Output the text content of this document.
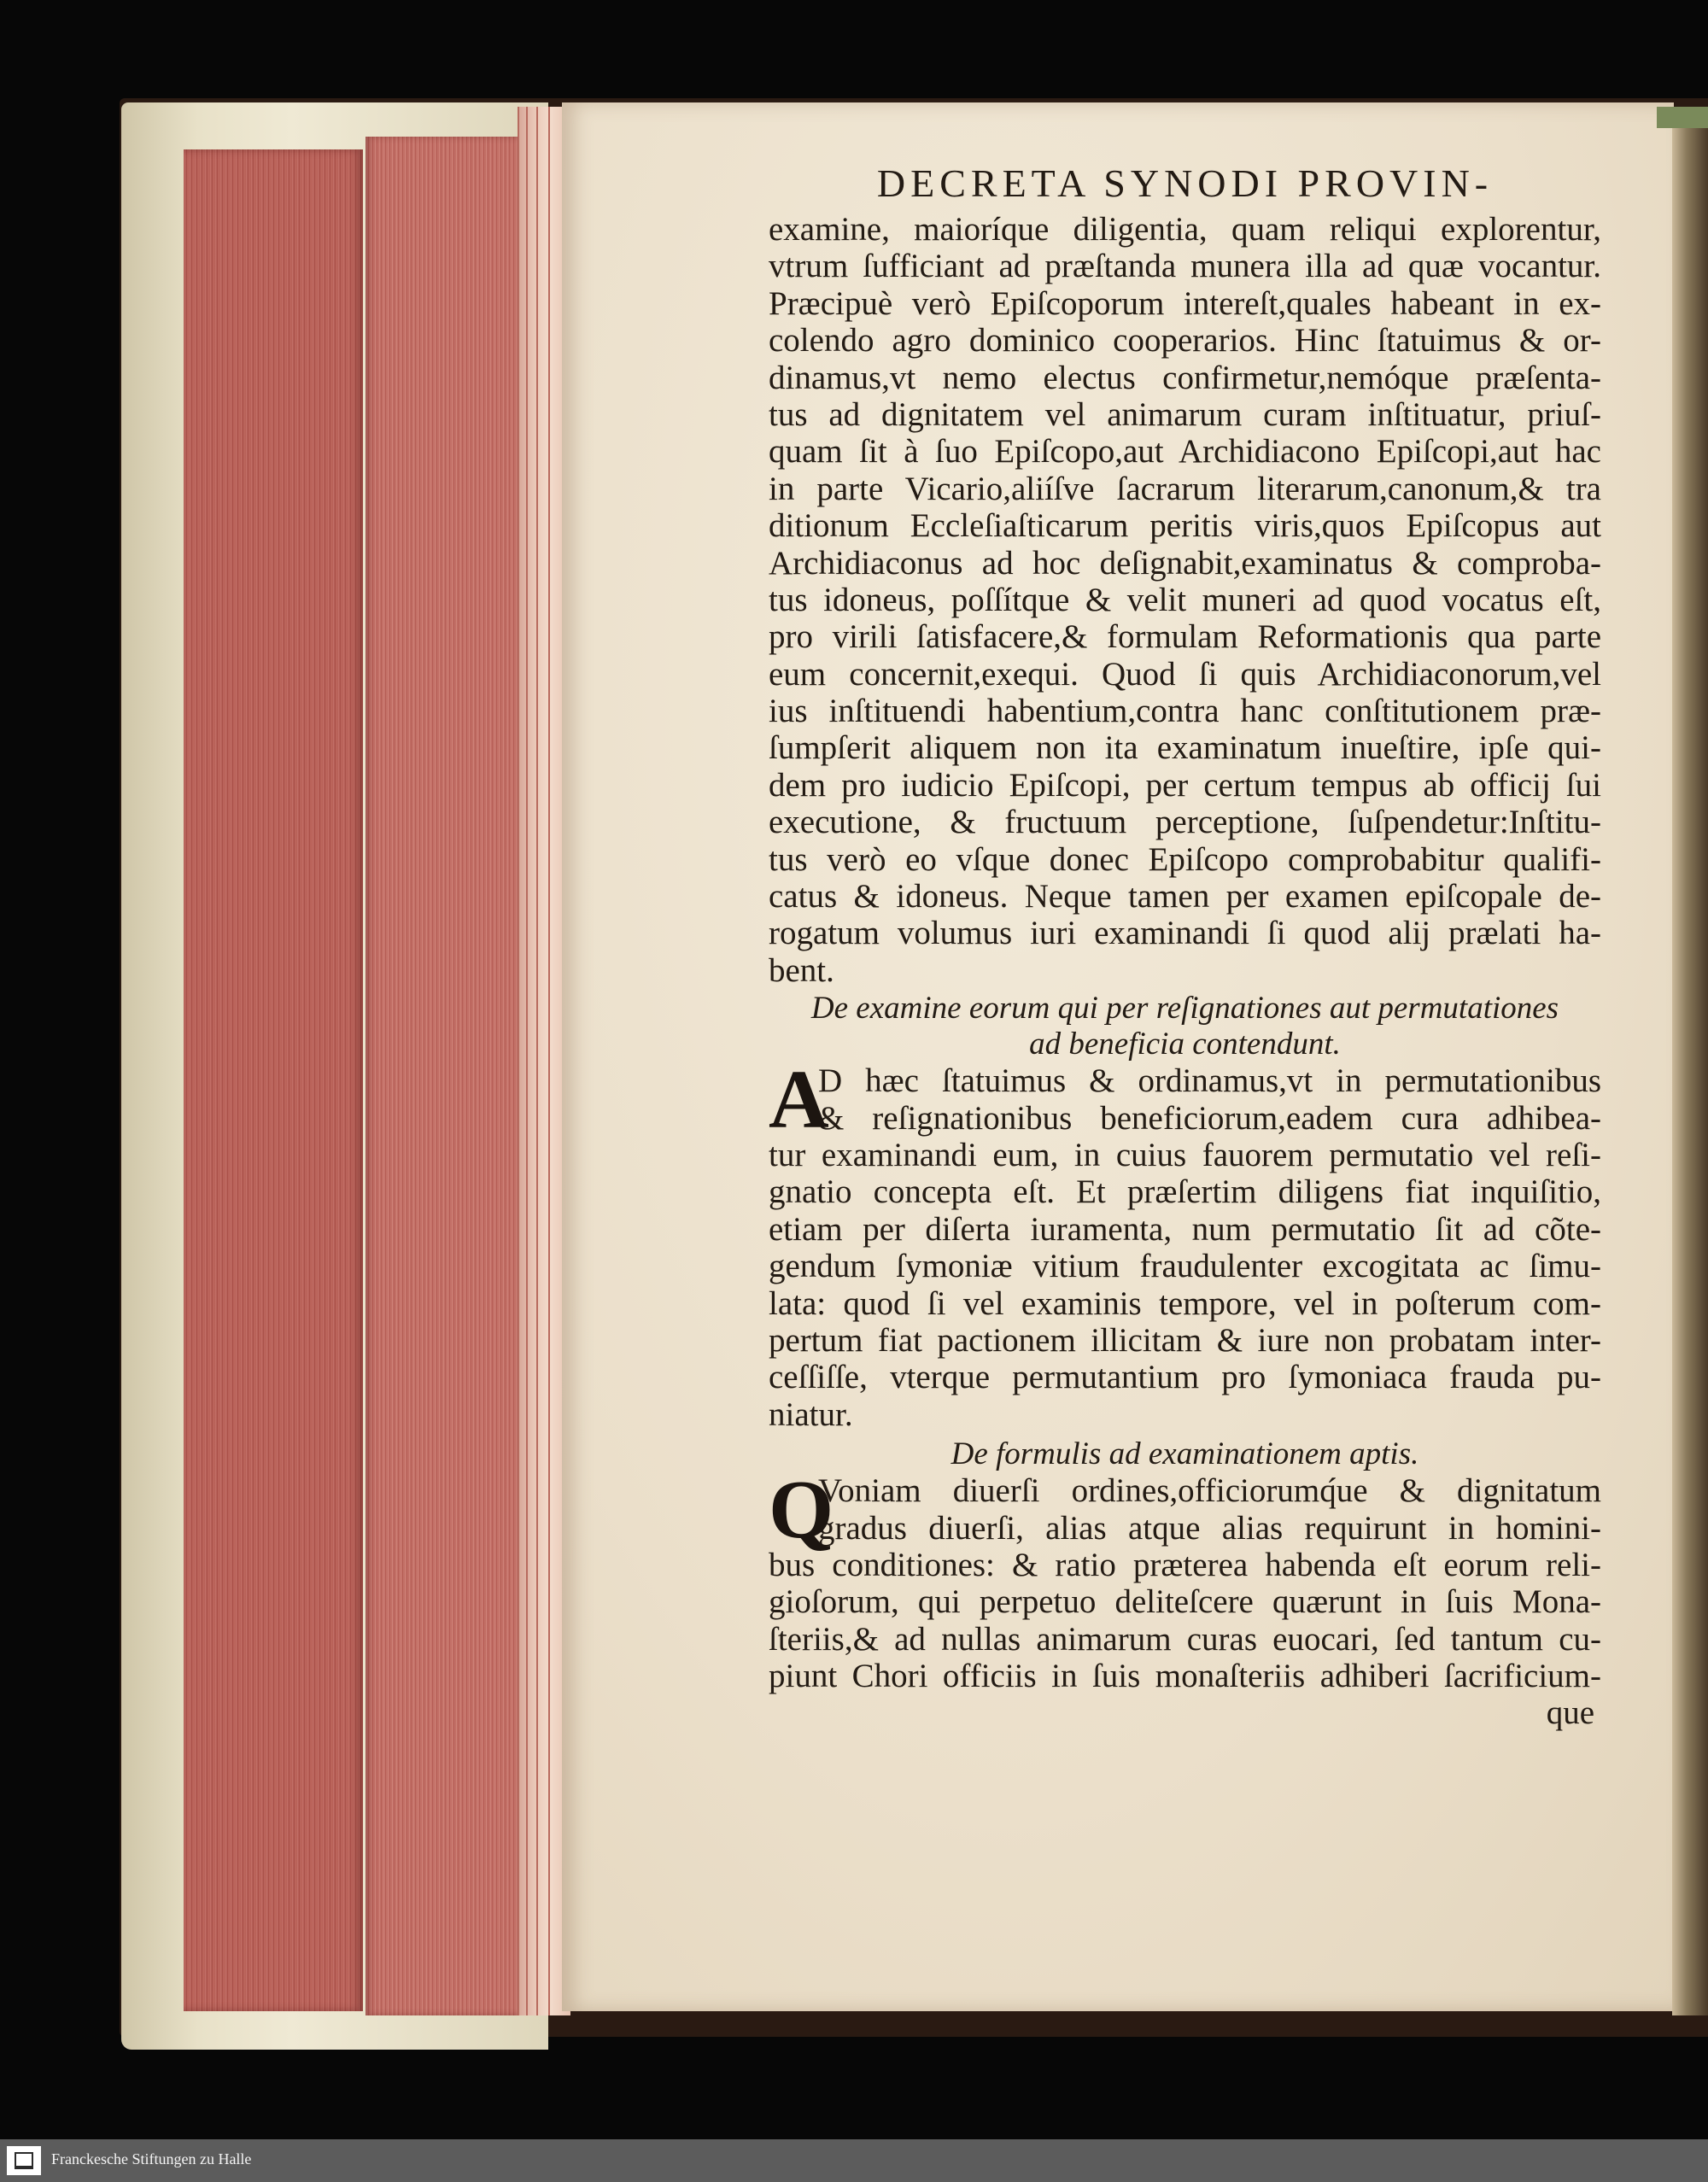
DECRETA SYNODI PROVIN-
examine, maioríque diligentia, quam reliqui explorentur,
vtrum ſufficiant ad præſtanda munera illa ad quæ vocantur.
Præcipuè verò Epiſcoporum intereſt,quales habeant in ex-
colendo agro dominico cooperarios. Hinc ſtatuimus & or-
dinamus,vt nemo electus confirmetur,nemóque præſenta-
tus ad dignitatem vel animarum curam inſtituatur, priuſ-
quam ſit à ſuo Epiſcopo,aut Archidiacono Epiſcopi,aut hac
in parte Vicario,aliíſve ſacrarum literarum,canonum,& tra
ditionum Eccleſiaſticarum peritis viris,quos Epiſcopus aut
Archidiaconus ad hoc deſignabit,examinatus & comproba-
tus idoneus, poſſítque & velit muneri ad quod vocatus eſt,
pro virili ſatisfacere,& formulam Reformationis qua parte
eum concernit,exequi. Quod ſi quis Archidiaconorum,vel
ius inſtituendi habentium,contra hanc conſtitutionem præ-
ſumpſerit aliquem non ita examinatum inueſtire, ipſe qui-
dem pro iudicio Epiſcopi, per certum tempus ab officij ſui
executione, & fructuum perceptione, ſuſpendetur:Inſtitu-
tus verò eo vſque donec Epiſcopo comprobabitur qualifi-
catus & idoneus. Neque tamen per examen epiſcopale de-
rogatum volumus iuri examinandi ſi quod alij prælati ha-
bent.
De examine eorum qui per reſignationes aut permutationes
ad beneficia contendunt.
A
D hæc ſtatuimus & ordinamus,vt in permutationibus
& reſignationibus beneficiorum,eadem cura adhibea-
tur examinandi eum, in cuius fauorem permutatio vel reſi-
gnatio concepta eſt. Et præſertim diligens fiat inquiſitio,
etiam per diſerta iuramenta, num permutatio ſit ad cõte-
gendum ſymoniæ vitium fraudulenter excogitata ac ſimu-
lata: quod ſi vel examinis tempore, vel in poſterum com-
pertum fiat pactionem illicitam & iure non probatam inter-
ceſſiſſe, vterque permutantium pro ſymoniaca frauda pu-
niatur.
De formulis ad examinationem aptis.
Q
Voniam diuerſi ordines,officiorumq́ue & dignitatum
gradus diuerſi, alias atque alias requirunt in homini-
bus conditiones: & ratio præterea habenda eſt eorum reli-
gioſorum, qui perpetuo deliteſcere quærunt in ſuis Mona-
ſteriis,& ad nullas animarum curas euocari, ſed tantum cu-
piunt Chori officiis in ſuis monaſteriis adhiberi ſacrificium-
que
Franckesche Stiftungen zu Halle
